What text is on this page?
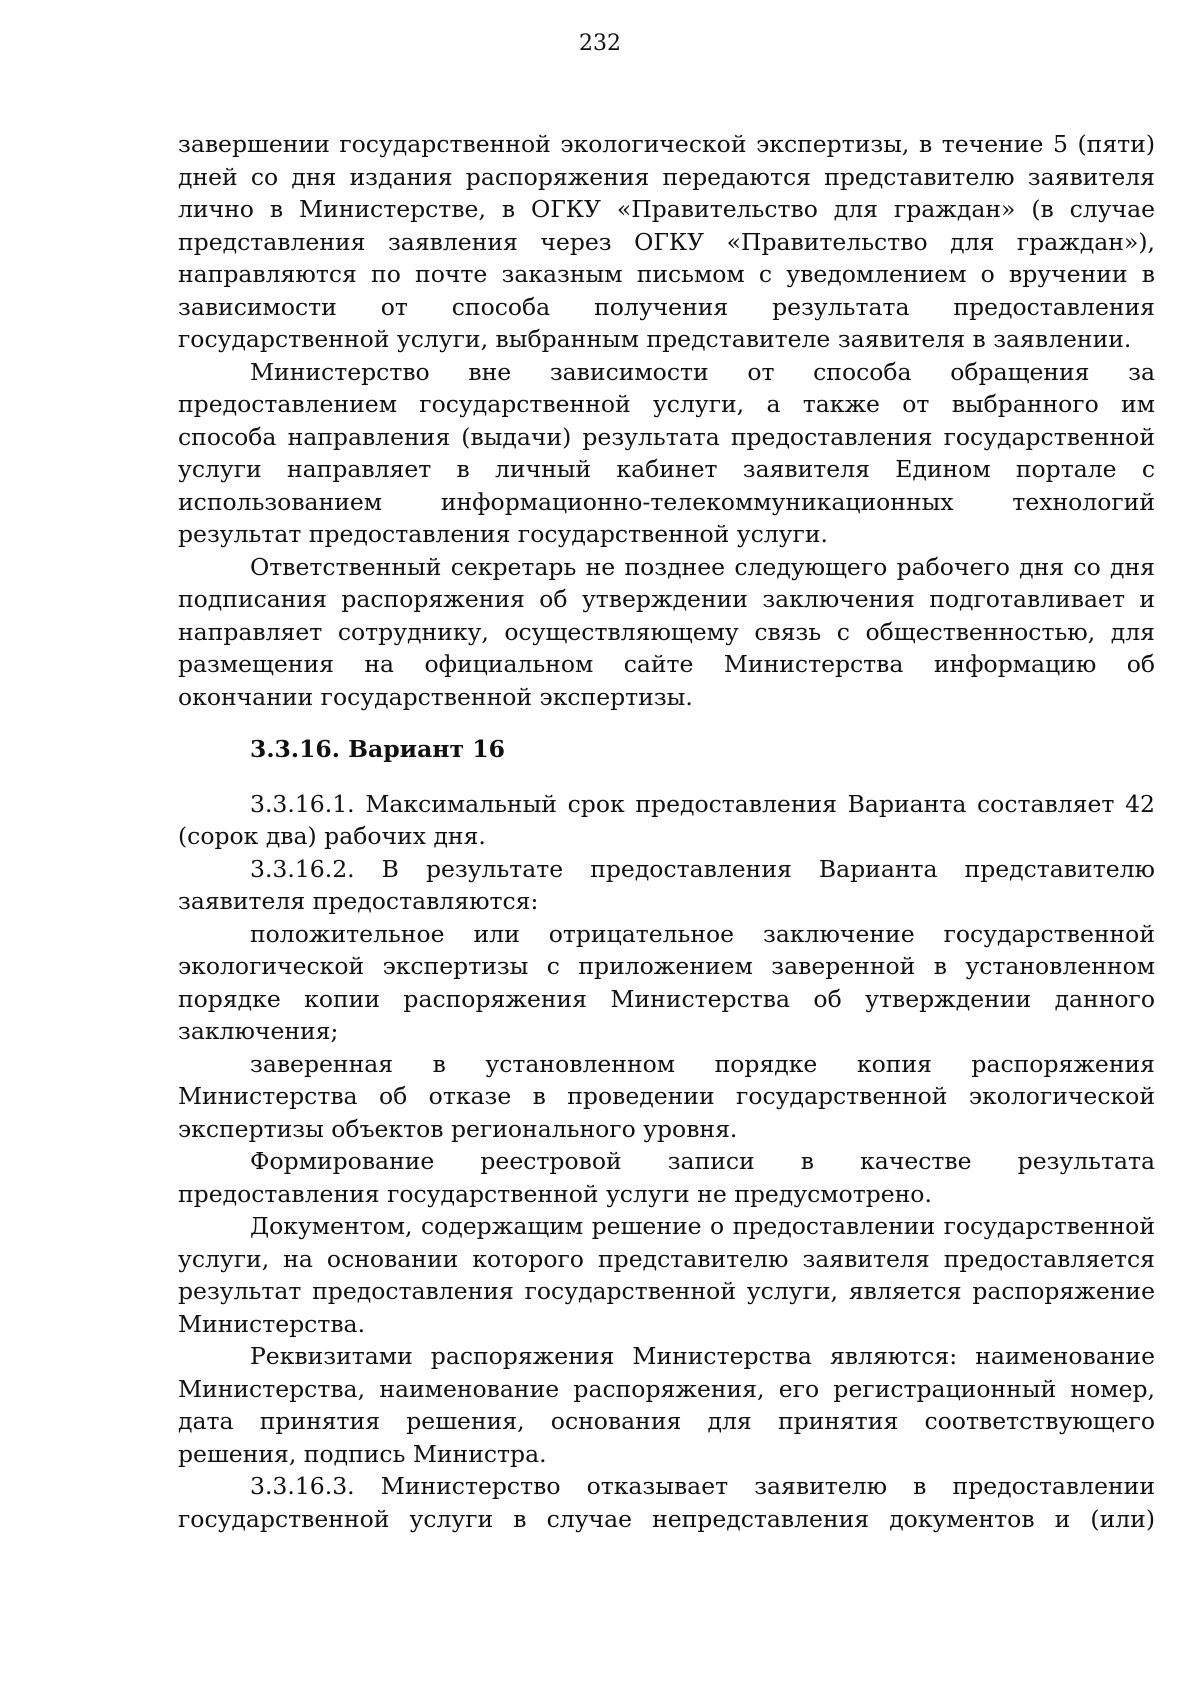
232

завершении государственной экологической экспертизы, в течение 5 (пяти) дней со дня издания распоряжения передаются представителю заявителя лично в Министерстве, в ОГКУ «Правительство для граждан» (в случае представления заявления через ОГКУ «Правительство для граждан»), направляются по почте заказным письмом с уведомлением о вручении в зависимости от способа получения результата предоставления государственной услуги, выбранным представителе заявителя в заявлении.

Министерство вне зависимости от способа обращения за предоставлением государственной услуги, а также от выбранного им способа направления (выдачи) результата предоставления государственной услуги направляет в личный кабинет заявителя Едином портале с использованием информационно-телекоммуникационных технологий результат предоставления государственной услуги.

Ответственный секретарь не позднее следующего рабочего дня со дня подписания распоряжения об утверждении заключения подготавливает и направляет сотруднику, осуществляющему связь с общественностью, для размещения на официальном сайте Министерства информацию об окончании государственной экспертизы.

3.3.16. Вариант 16

3.3.16.1. Максимальный срок предоставления Варианта составляет 42 (сорок два) рабочих дня.

3.3.16.2. В результате предоставления Варианта представителю заявителя предоставляются:

положительное или отрицательное заключение государственной экологической экспертизы с приложением заверенной в установленном порядке копии распоряжения Министерства об утверждении данного заключения;

заверенная в установленном порядке копия распоряжения Министерства об отказе в проведении государственной экологической экспертизы объектов регионального уровня.

Формирование реестровой записи в качестве результата предоставления государственной услуги не предусмотрено.

Документом, содержащим решение о предоставлении государственной услуги, на основании которого представителю заявителя предоставляется результат предоставления государственной услуги, является распоряжение Министерства.

Реквизитами распоряжения Министерства являются: наименование Министерства, наименование распоряжения, его регистрационный номер, дата принятия решения, основания для принятия соответствующего решения, подпись Министра.

3.3.16.3. Министерство отказывает заявителю в предоставлении государственной услуги в случае непредставления документов и (или)
